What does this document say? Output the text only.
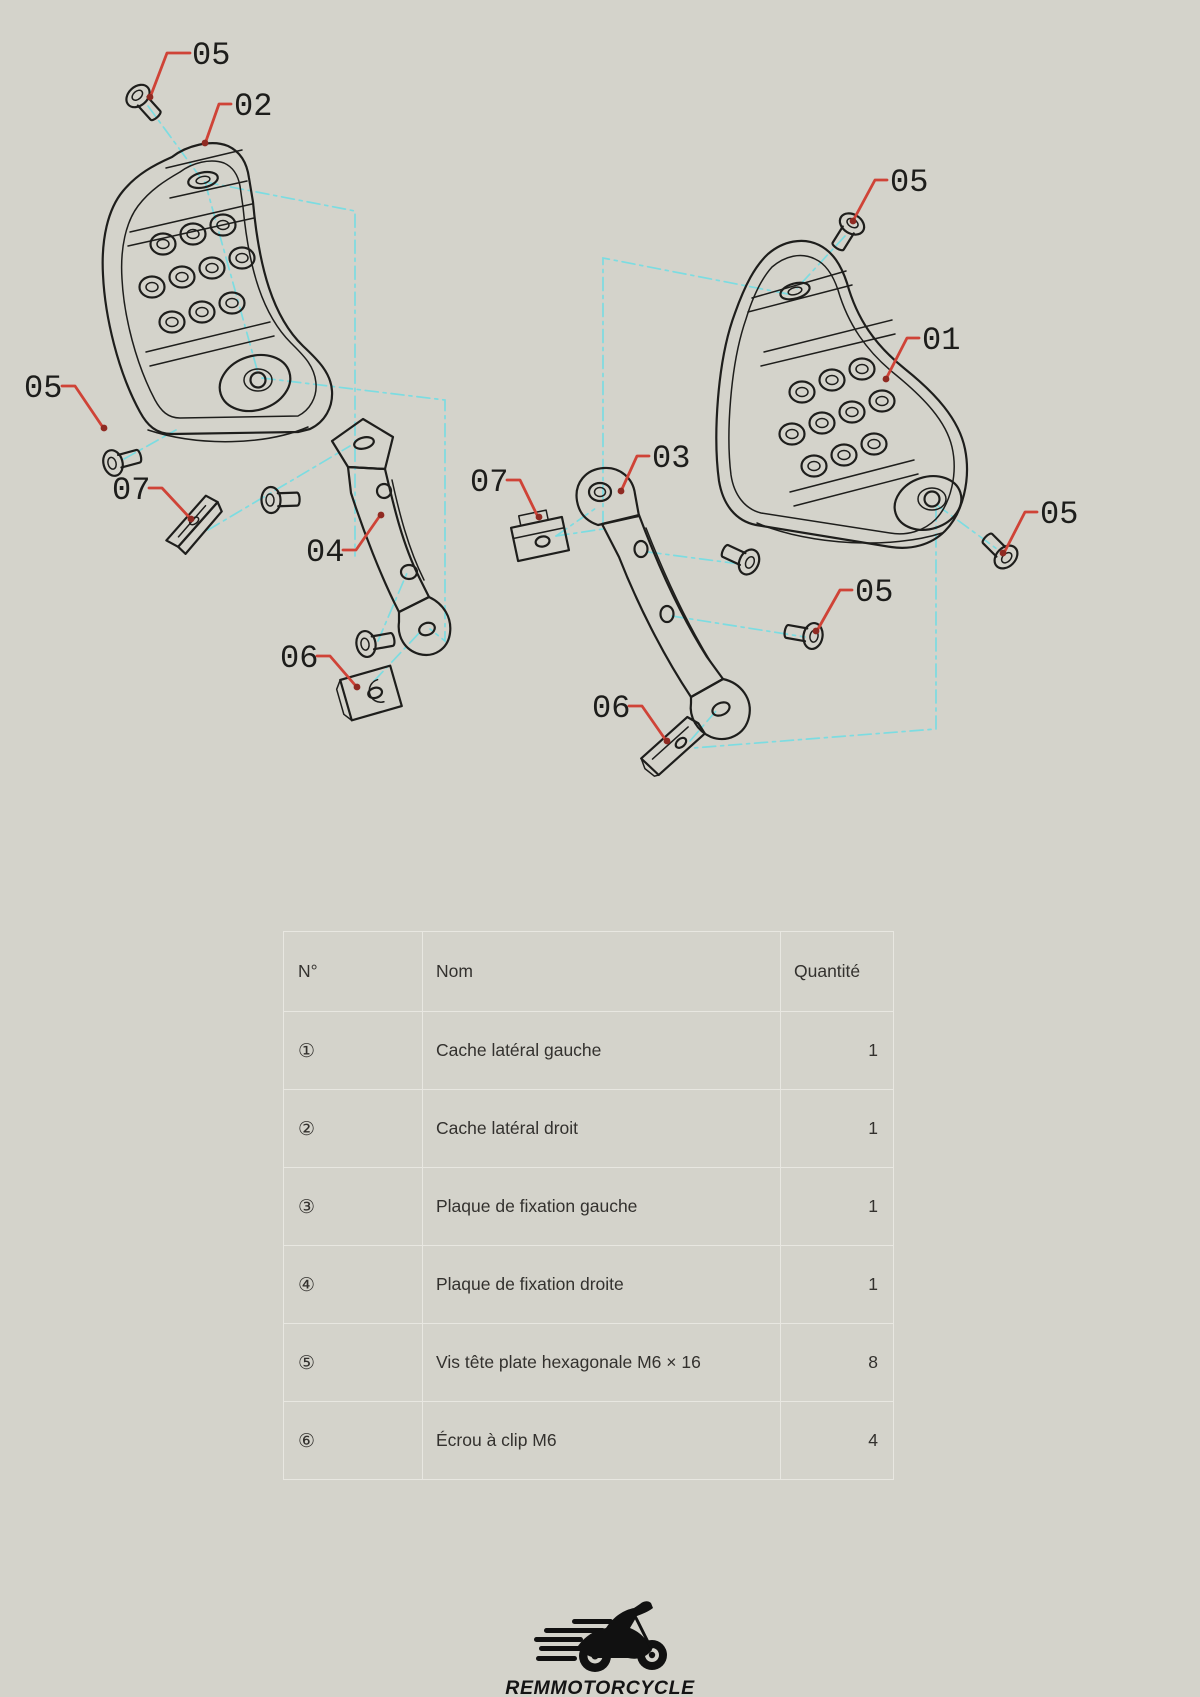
05
02
05
01
05
07
04
03
07
05
05
06
06
N°	Nom	Quantité
①	Cache latéral gauche	1
②	Cache latéral droit	1
③	Plaque de fixation gauche	1
④	Plaque de fixation droite	1
⑤	Vis tête plate hexagonale M6 × 16	8
⑥	Écrou à clip M6	4
REMMOTORCYCLE
